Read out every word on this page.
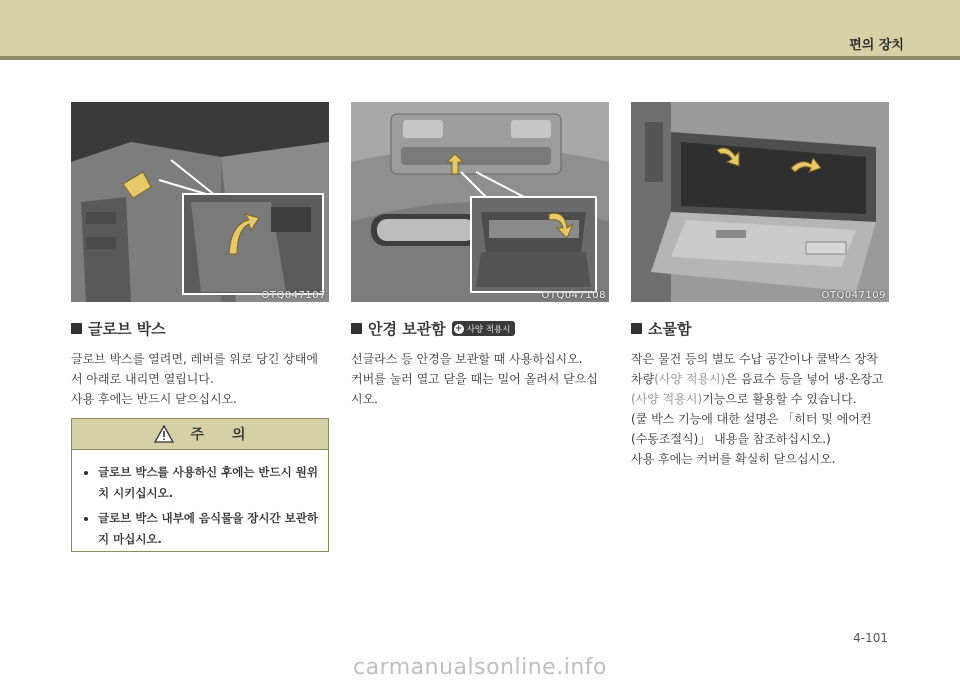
편의 장치
OTQ047107	OTQ047108	OTQ047109
글로브 박스

글로브 박스를 열려면, 레버를 위로 당긴 상태에

서 아래로 내리면 열립니다.

사용 후에는 반드시 닫으십시오.

주 의
• 글로브 박스를 사용하신 후에는 반드시 원위치 시키십시오.
• 글로브 박스 내부에 음식물을 장시간 보관하지 마십시오.
안경 보관함 + 사양 적용시

선글라스 등 안경을 보관할 때 사용하십시오.

커버를 눌러 열고 닫을 때는 밀어 올려서 닫으십

시오.

소물함

작은 물건 등의 별도 수납 공간이나 쿨박스 장착

차량(사양 적용시)은 음료수 등을 넣어 냉·온장고

(사양 적용시)기능으로 활용할 수 있습니다.

(쿨 박스 기능에 대한 설명은 「히터 및 에어컨

(수동조절식)」 내용을 참조하십시오.)

사용 후에는 커버를 확실히 닫으십시오.

4-101
carmanualsonline.info
